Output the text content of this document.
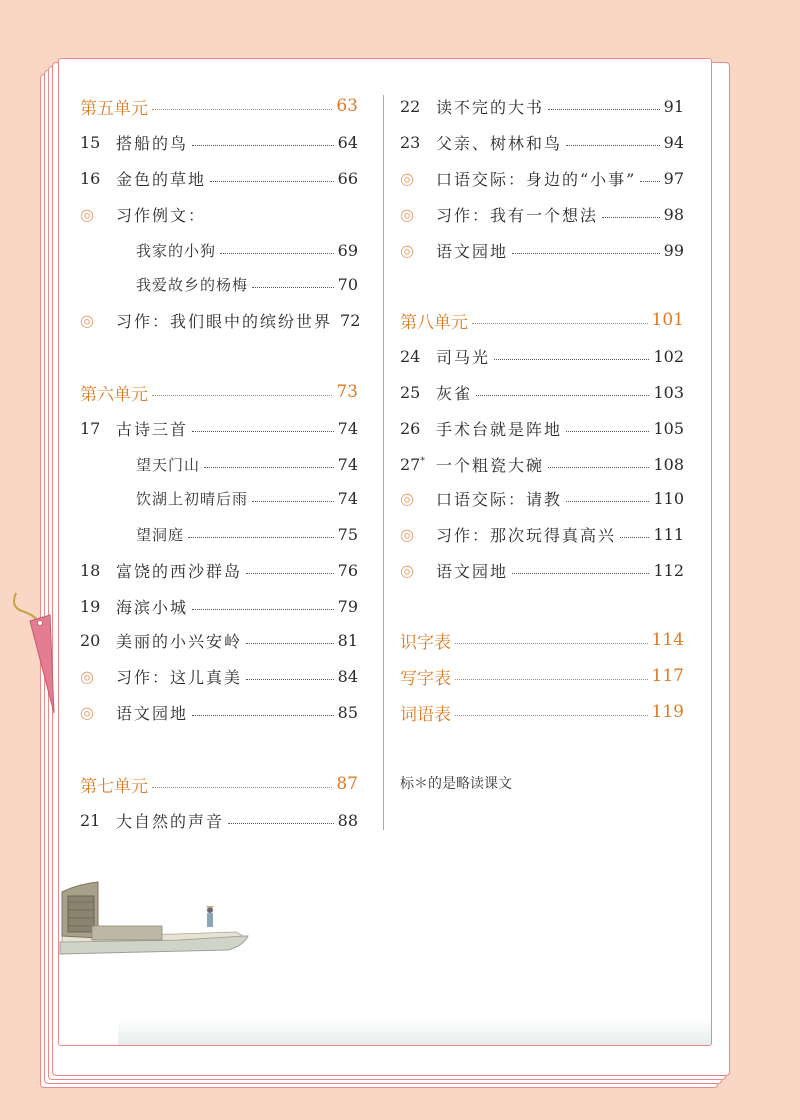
第五单元	63
15 搭船的鸟	64
16 金色的草地	66
◎	习作例文：
我家的小狗	69
我爱故乡的杨梅	70
◎	习作：我们眼中的缤纷世界 72
第六单元	73
17 古诗三首	74
望天门山	74
饮湖上初晴后雨	74
望洞庭	75
18 富饶的西沙群岛	76
19 海滨小城	79
20 美丽的小兴安岭	81
◎	习作：这儿真美	84
◎	语文园地	85
第七单元	87
21 大自然的声音	88
22 读不完的大书	91
23 父亲、树林和鸟	94
◎	口语交际：身边的“小事” 97
◎	习作：我有一个想法	98
◎	语文园地	99
第八单元	101
24 司马光	102
25 灰雀	103
26 手术台就是阵地	105
27* 一个粗瓷大碗	108
◎	口语交际：请教	110
◎	习作：那次玩得真高兴 111
◎	语文园地	112
识字表	114
写字表	117
词语表	119
标＊的是略读课文
